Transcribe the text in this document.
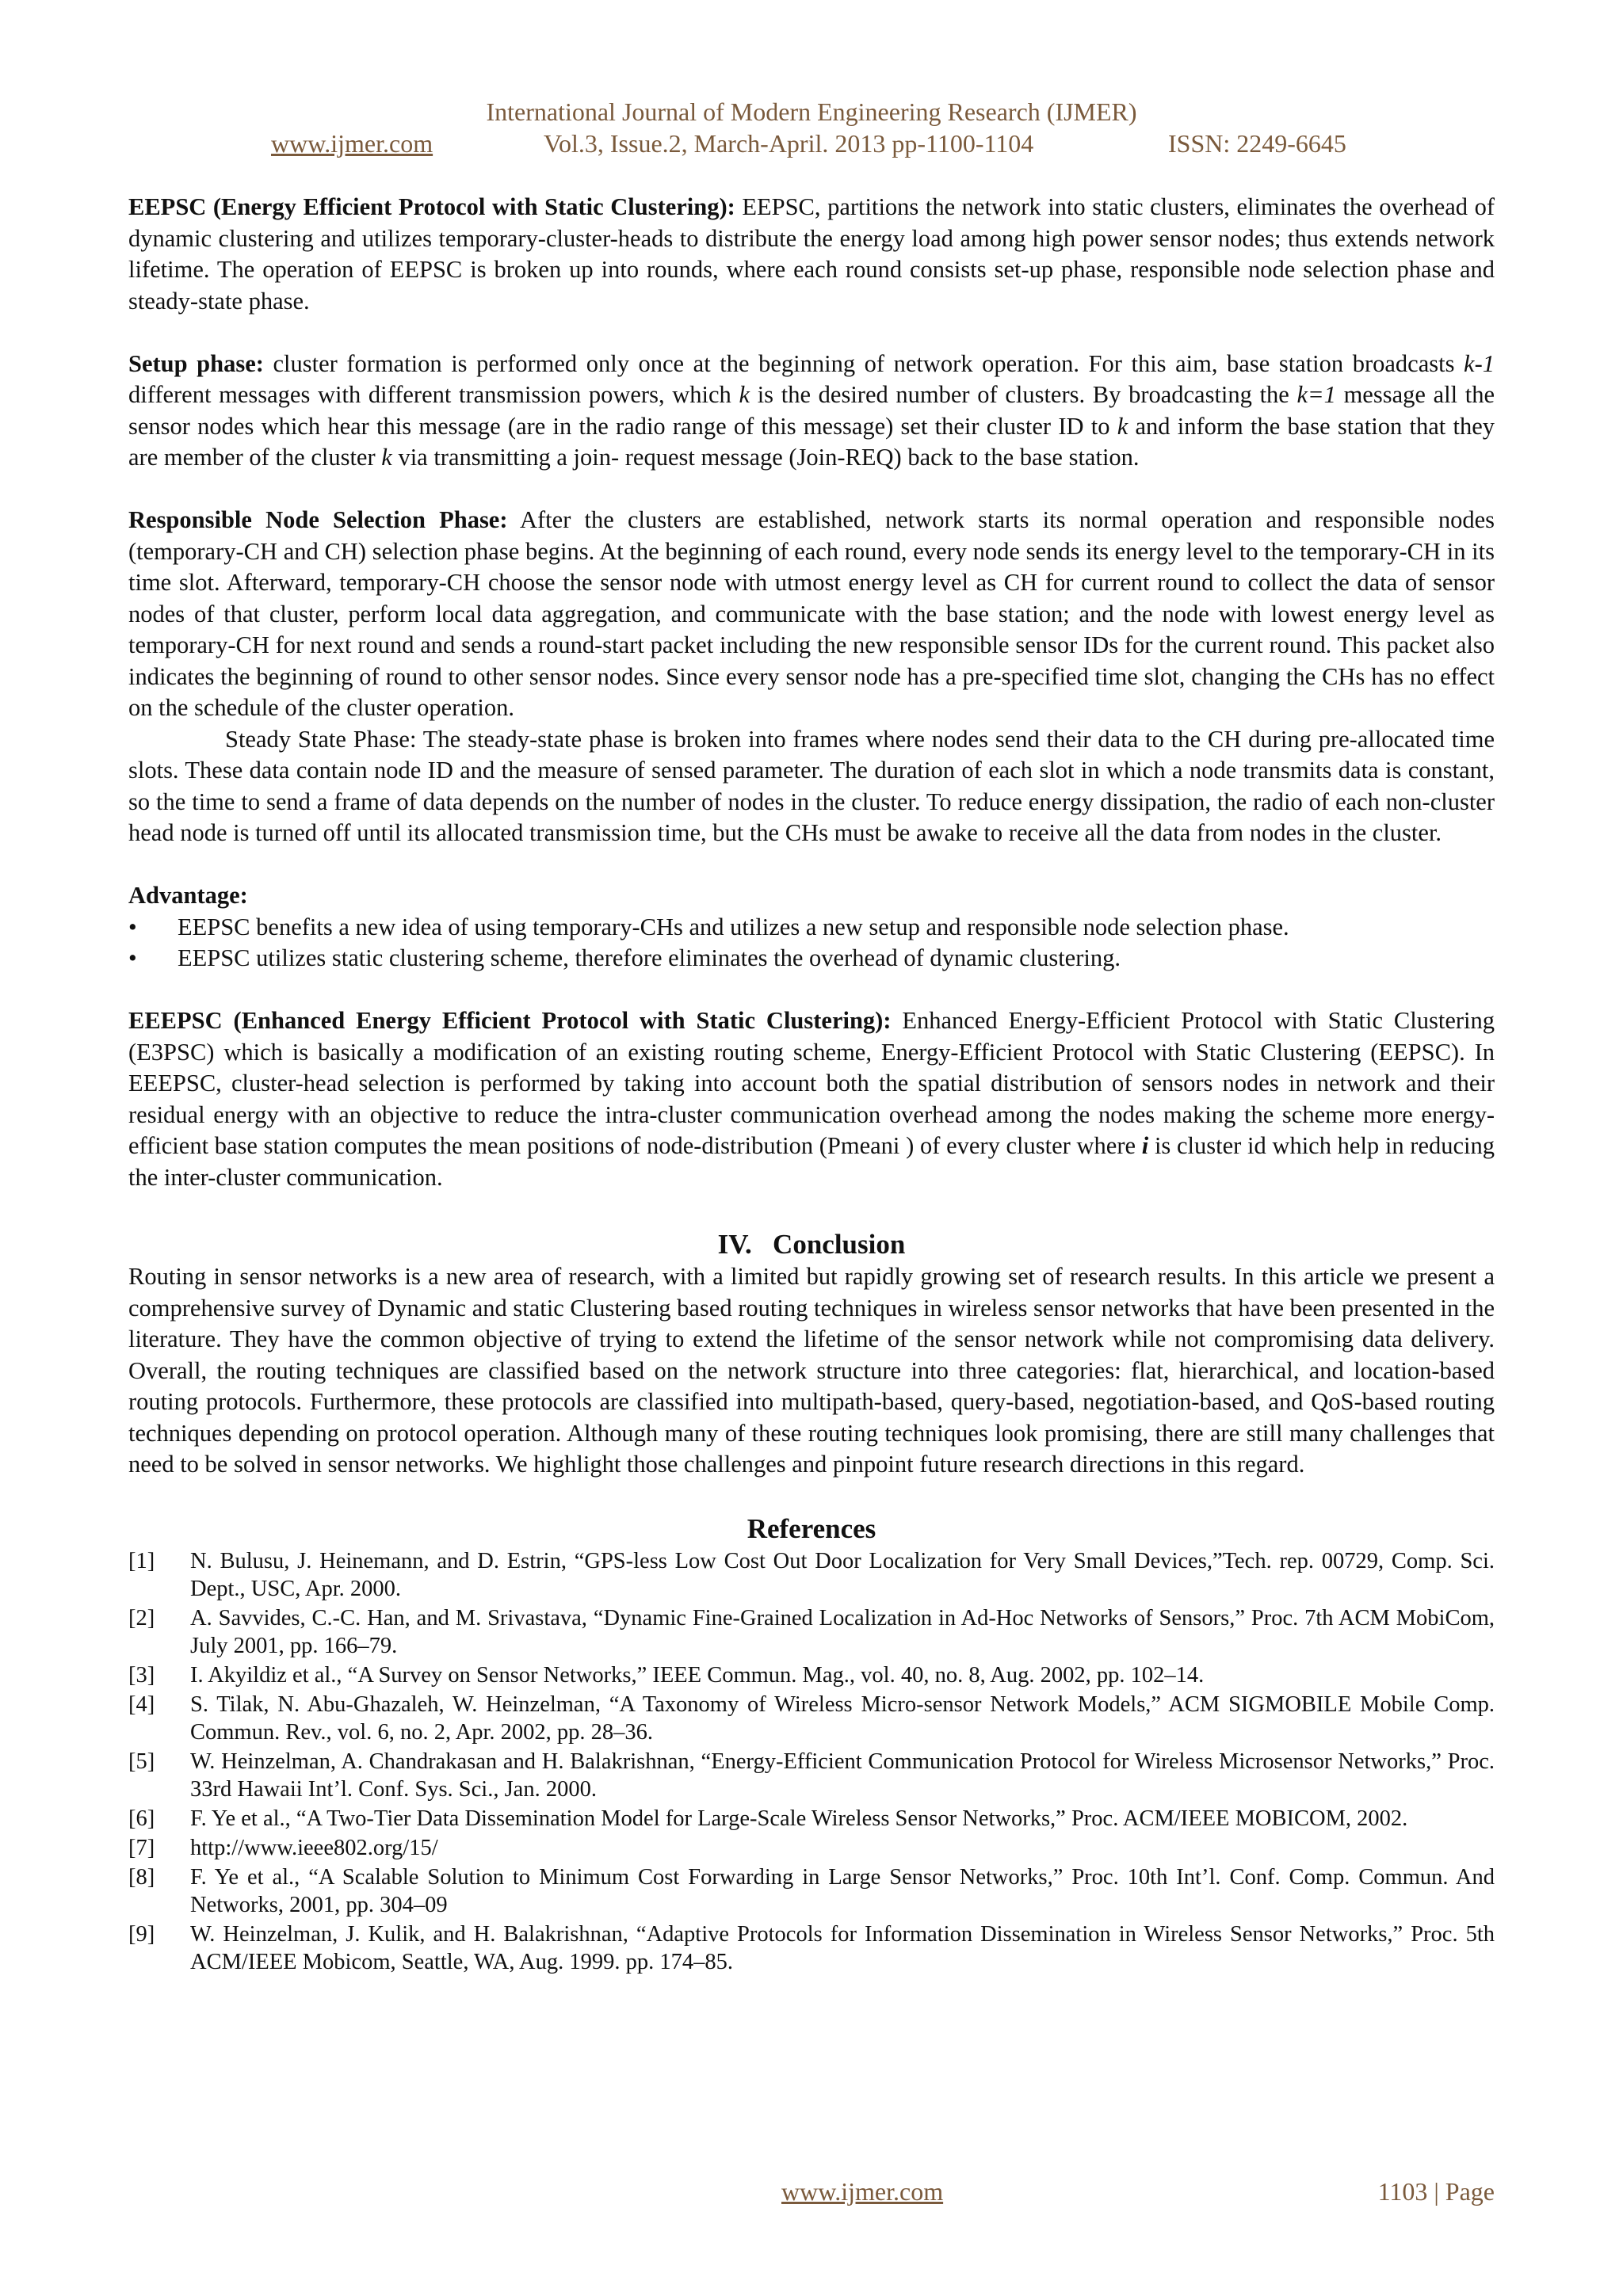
International Journal of Modern Engineering Research (IJMER)
www.ijmer.com	Vol.3, Issue.2, March-April. 2013 pp-1100-1104	ISSN: 2249-6645

EEPSC (Energy Efficient Protocol with Static Clustering): EEPSC, partitions the network into static clusters, eliminates the overhead of dynamic clustering and utilizes temporary-cluster-heads to distribute the energy load among high power sensor nodes; thus extends network lifetime. The operation of EEPSC is broken up into rounds, where each round consists set-up phase, responsible node selection phase and steady-state phase.

Setup phase: cluster formation is performed only once at the beginning of network operation. For this aim, base station broadcasts k-1 different messages with different transmission powers, which k is the desired number of clusters. By broadcasting the k=1 message all the sensor nodes which hear this message (are in the radio range of this message) set their cluster ID to k and inform the base station that they are member of the cluster k via transmitting a join- request message (Join-REQ) back to the base station.

Responsible Node Selection Phase: After the clusters are established, network starts its normal operation and responsible nodes (temporary-CH and CH) selection phase begins. At the beginning of each round, every node sends its energy level to the temporary-CH in its time slot. Afterward, temporary-CH choose the sensor node with utmost energy level as CH for current round to collect the data of sensor nodes of that cluster, perform local data aggregation, and communicate with the base station; and the node with lowest energy level as temporary-CH for next round and sends a round-start packet including the new responsible sensor IDs for the current round. This packet also indicates the beginning of round to other sensor nodes. Since every sensor node has a pre-specified time slot, changing the CHs has no effect on the schedule of the cluster operation.

Steady State Phase: The steady-state phase is broken into frames where nodes send their data to the CH during pre-allocated time slots. These data contain node ID and the measure of sensed parameter. The duration of each slot in which a node transmits data is constant, so the time to send a frame of data depends on the number of nodes in the cluster. To reduce energy dissipation, the radio of each non-cluster head node is turned off until its allocated transmission time, but the CHs must be awake to receive all the data from nodes in the cluster.

Advantage:

• EEPSC benefits a new idea of using temporary-CHs and utilizes a new setup and responsible node selection phase.
• EEPSC utilizes static clustering scheme, therefore eliminates the overhead of dynamic clustering.

EEEPSC (Enhanced Energy Efficient Protocol with Static Clustering): Enhanced Energy-Efficient Protocol with Static Clustering (E3PSC) which is basically a modification of an existing routing scheme, Energy-Efficient Protocol with Static Clustering (EEPSC). In EEEPSC, cluster-head selection is performed by taking into account both the spatial distribution of sensors nodes in network and their residual energy with an objective to reduce the intra-cluster communication overhead among the nodes making the scheme more energy-efficient base station computes the mean positions of node-distribution (Pmeani ) of every cluster where i is cluster id which help in reducing the inter-cluster communication.

IV. Conclusion

Routing in sensor networks is a new area of research, with a limited but rapidly growing set of research results. In this article we present a comprehensive survey of Dynamic and static Clustering based routing techniques in wireless sensor networks that have been presented in the literature. They have the common objective of trying to extend the lifetime of the sensor network while not compromising data delivery. Overall, the routing techniques are classified based on the network structure into three categories: flat, hierarchical, and location-based routing protocols. Furthermore, these protocols are classified into multipath-based, query-based, negotiation-based, and QoS-based routing techniques depending on protocol operation. Although many of these routing techniques look promising, there are still many challenges that need to be solved in sensor networks. We highlight those challenges and pinpoint future research directions in this regard.

References
[1]	N. Bulusu, J. Heinemann, and D. Estrin, “GPS-less Low Cost Out Door Localization for Very Small Devices,”Tech. rep. 00729, Comp. Sci. Dept., USC, Apr. 2000.
[2]	A. Savvides, C.-C. Han, and M. Srivastava, “Dynamic Fine-Grained Localization in Ad-Hoc Networks of Sensors,” Proc. 7th ACM MobiCom, July 2001, pp. 166–79.
[3]	I. Akyildiz et al., “A Survey on Sensor Networks,” IEEE Commun. Mag., vol. 40, no. 8, Aug. 2002, pp. 102–14.
[4]	S. Tilak, N. Abu-Ghazaleh, W. Heinzelman, “A Taxonomy of Wireless Micro-sensor Network Models,” ACM SIGMOBILE Mobile Comp. Commun. Rev., vol. 6, no. 2, Apr. 2002, pp. 28–36.
[5]	W. Heinzelman, A. Chandrakasan and H. Balakrishnan, “Energy-Efficient Communication Protocol for Wireless Microsensor Networks,” Proc. 33rd Hawaii Int’l. Conf. Sys. Sci., Jan. 2000.
[6]	F. Ye et al., “A Two-Tier Data Dissemination Model for Large-Scale Wireless Sensor Networks,” Proc. ACM/IEEE MOBICOM, 2002.
[7]	http://www.ieee802.org/15/
[8]	F. Ye et al., “A Scalable Solution to Minimum Cost Forwarding in Large Sensor Networks,” Proc. 10th Int’l. Conf. Comp. Commun. And Networks, 2001, pp. 304–09
[9]	W. Heinzelman, J. Kulik, and H. Balakrishnan, “Adaptive Protocols for Information Dissemination in Wireless Sensor Networks,” Proc. 5th ACM/IEEE Mobicom, Seattle, WA, Aug. 1999. pp. 174–85.
www.ijmer.com	1103 | Page
